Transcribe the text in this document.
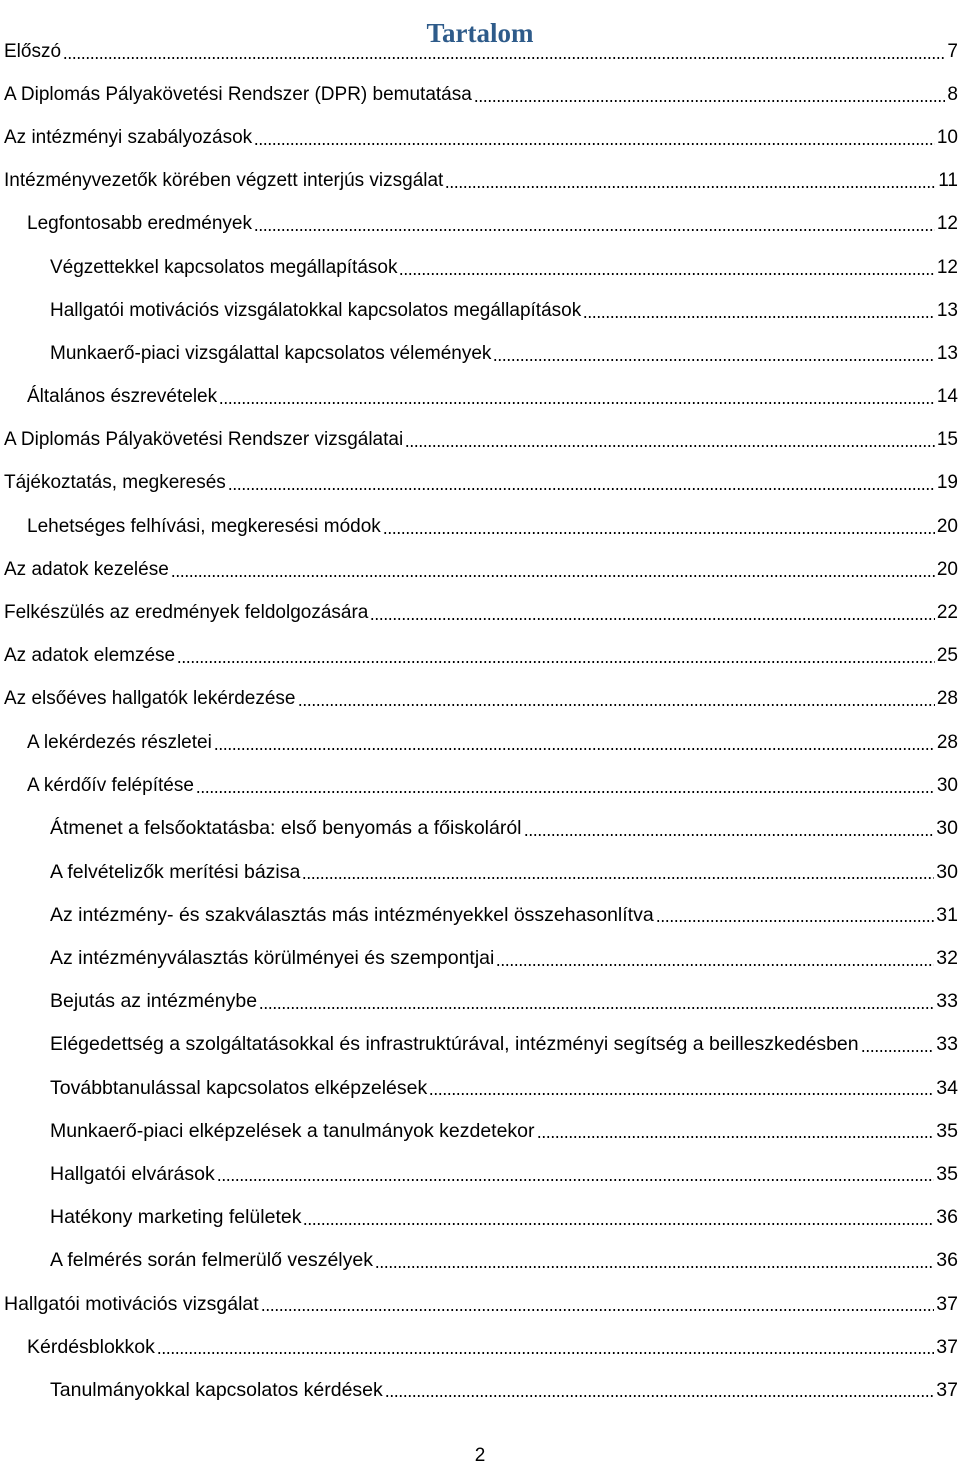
Tartalom
Előszó	7
A Diplomás Pályakövetési Rendszer (DPR) bemutatása	8
Az intézményi szabályozások	10
Intézményvezetők körében végzett interjús vizsgálat	11
Legfontosabb eredmények	12
Végzettekkel kapcsolatos megállapítások	12
Hallgatói motivációs vizsgálatokkal kapcsolatos megállapítások	13
Munkaerő-piaci vizsgálattal kapcsolatos vélemények	13
Általános észrevételek	14
A Diplomás Pályakövetési Rendszer vizsgálatai	15
Tájékoztatás, megkeresés	19
Lehetséges felhívási, megkeresési módok	20
Az adatok kezelése	20
Felkészülés az eredmények feldolgozására	22
Az adatok elemzése	25
Az elsőéves hallgatók lekérdezése	28
A lekérdezés részletei	28
A kérdőív felépítése	30
Átmenet a felsőoktatásba: első benyomás a főiskoláról	30
A felvételizők merítési bázisa	30
Az intézmény- és szakválasztás más intézményekkel összehasonlítva	31
Az intézményválasztás körülményei és szempontjai	32
Bejutás az intézménybe	33
Elégedettség a szolgáltatásokkal és infrastruktúrával, intézményi segítség a beilleszkedésben	33
Továbbtanulással kapcsolatos elképzelések	34
Munkaerő-piaci elképzelések a tanulmányok kezdetekor	35
Hallgatói elvárások	35
Hatékony marketing felületek	36
A felmérés során felmerülő veszélyek	36
Hallgatói motivációs vizsgálat	37
Kérdésblokkok	37
Tanulmányokkal kapcsolatos kérdések	37
2
